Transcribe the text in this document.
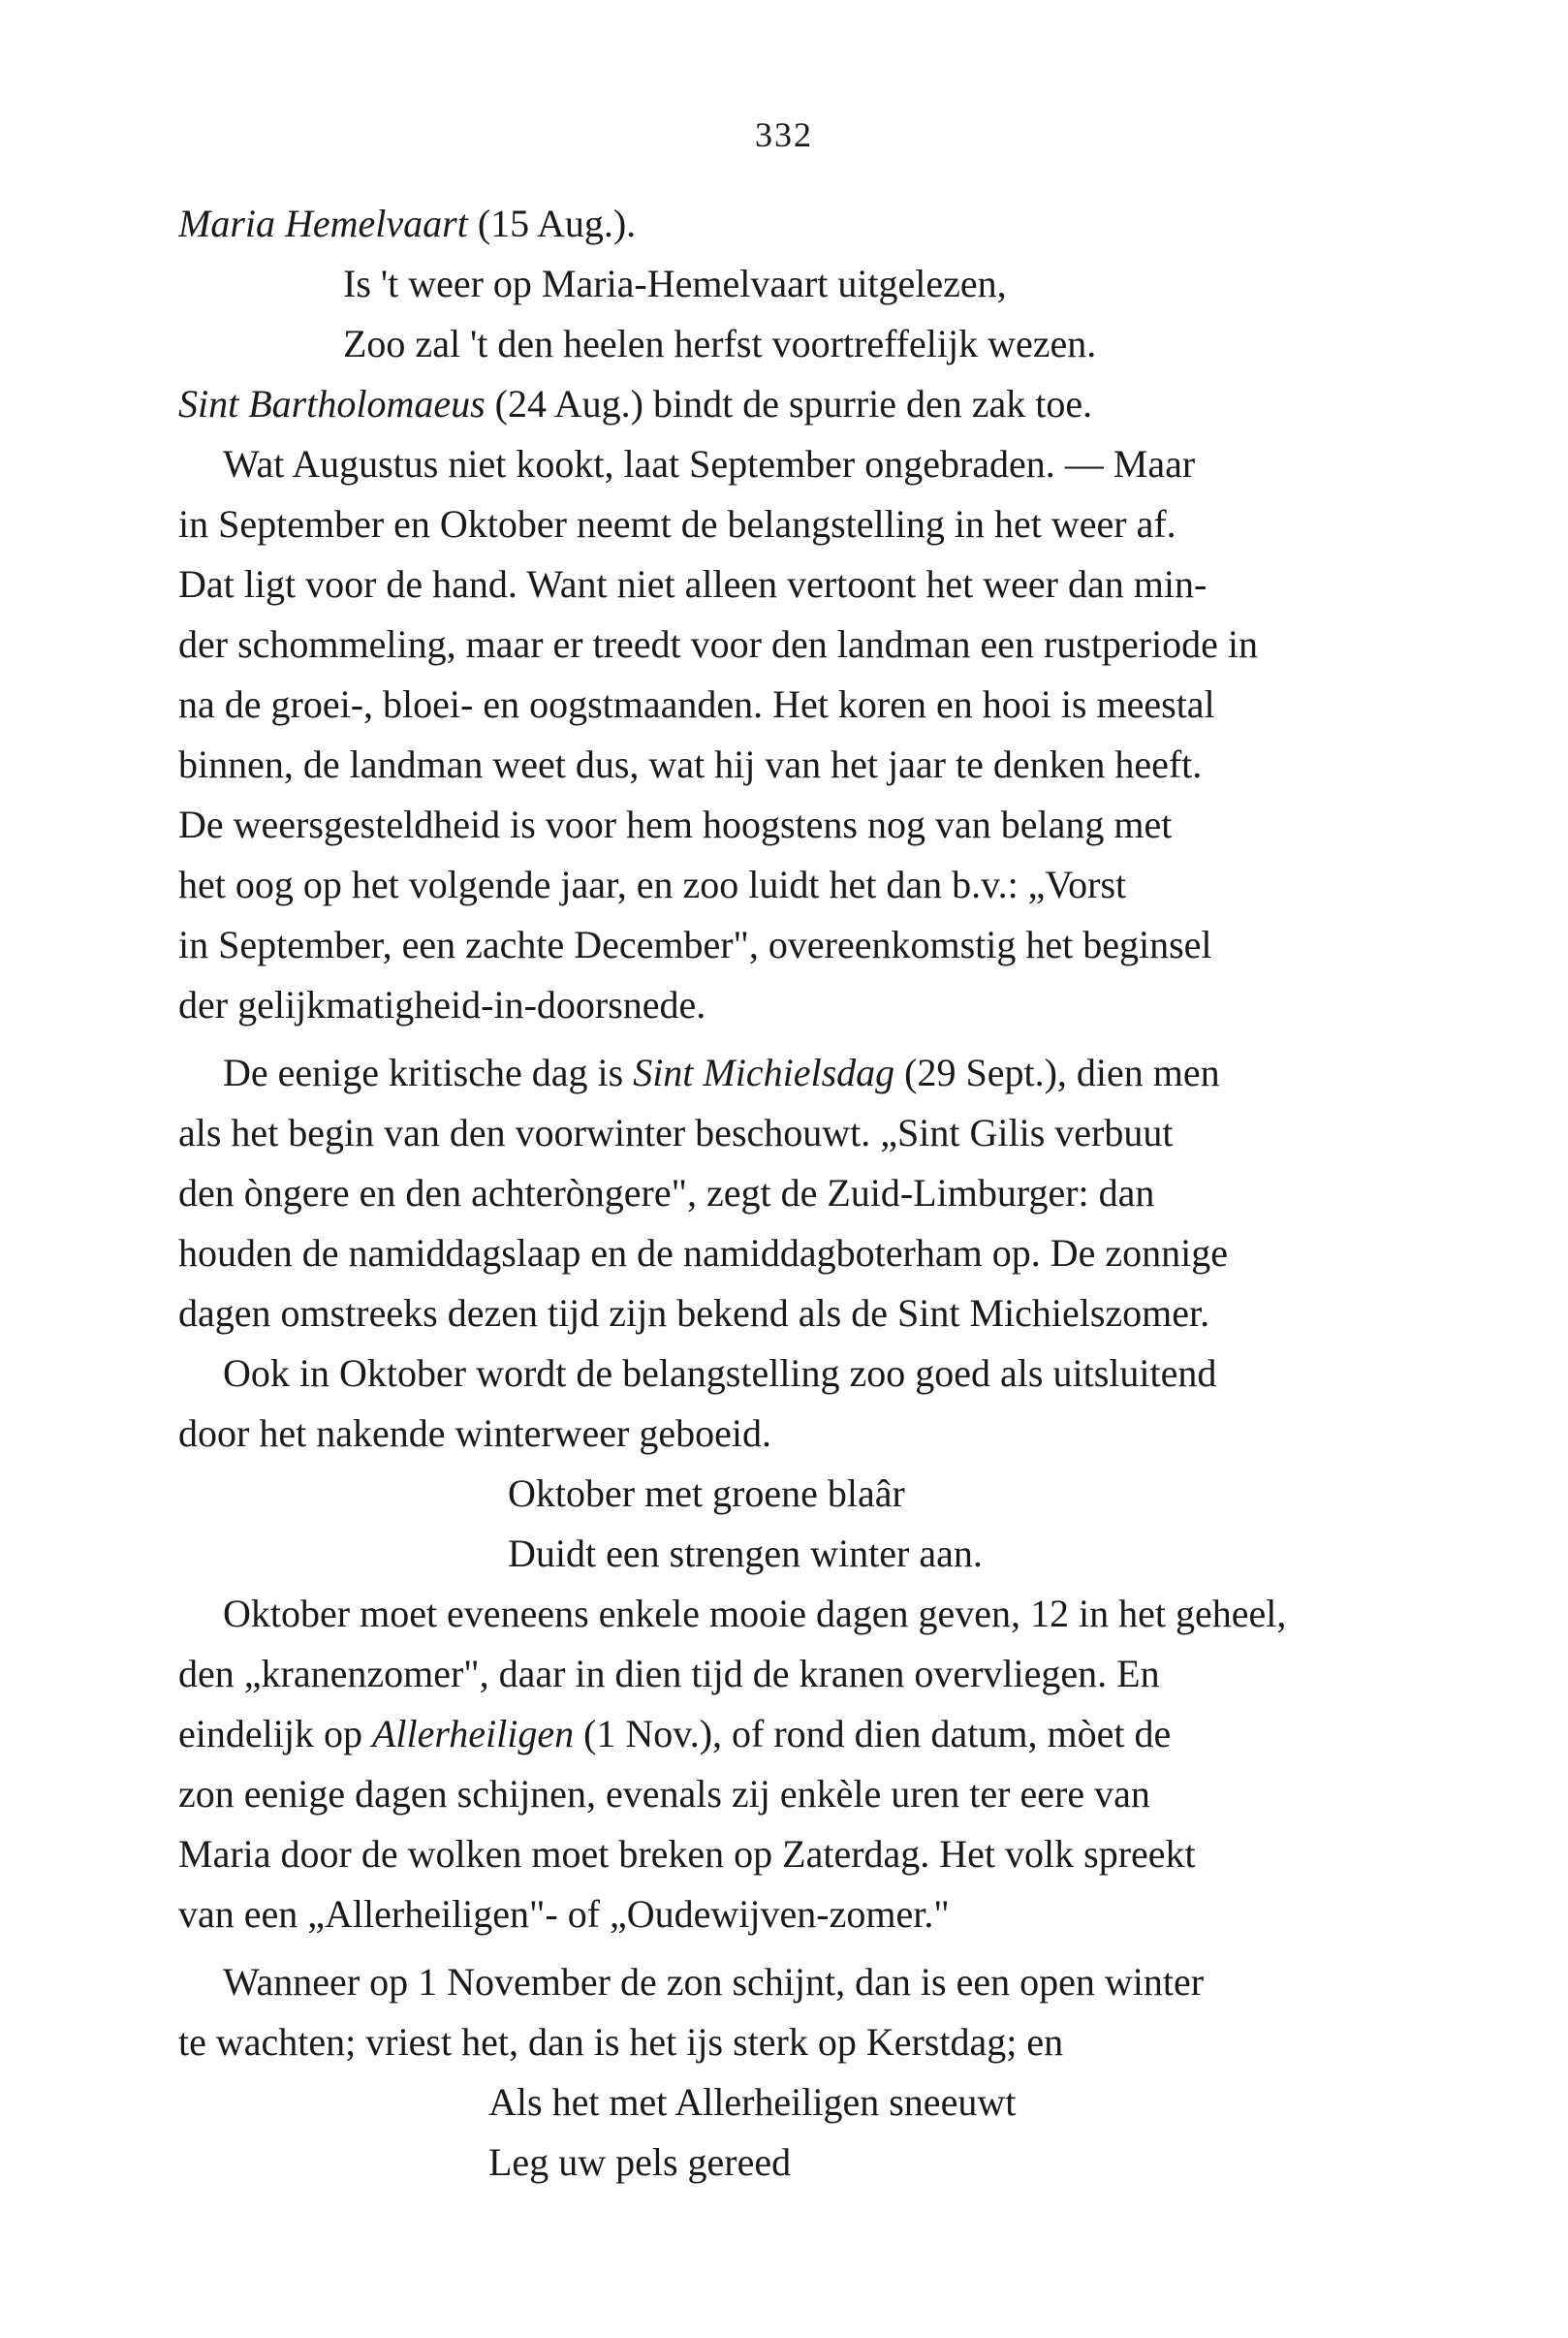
332
Maria Hemelvaart (15 Aug.).
Is 't weer op Maria-Hemelvaart uitgelezen,
Zoo zal 't den heelen herfst voortreffelijk wezen.
Sint Bartholomaeus (24 Aug.) bindt de spurrie den zak toe.
Wat Augustus niet kookt, laat September ongebraden. — Maar
in September en Oktober neemt de belangstelling in het weer af.
Dat ligt voor de hand. Want niet alleen vertoont het weer dan min-
der schommeling, maar er treedt voor den landman een rustperiode in
na de groei-, bloei- en oogstmaanden. Het koren en hooi is meestal
binnen, de landman weet dus, wat hij van het jaar te denken heeft.
De weersgesteldheid is voor hem hoogstens nog van belang met
het oog op het volgende jaar, en zoo luidt het dan b.v.: „Vorst
in September, een zachte December", overeenkomstig het beginsel
der gelijkmatigheid-in-doorsnede.
De eenige kritische dag is Sint Michielsdag (29 Sept.), dien men
als het begin van den voorwinter beschouwt. „Sint Gilis verbuut
den òngere en den achteròngere", zegt de Zuid-Limburger: dan
houden de namiddagslaap en de namiddagboterham op. De zonnige
dagen omstreeks dezen tijd zijn bekend als de Sint Michielszomer.
Ook in Oktober wordt de belangstelling zoo goed als uitsluitend
door het nakende winterweer geboeid.
Oktober met groene blaâr
Duidt een strengen winter aan.
Oktober moet eveneens enkele mooie dagen geven, 12 in het geheel,
den „kranenzomer", daar in dien tijd de kranen overvliegen. En
eindelijk op Allerheiligen (1 Nov.), of rond dien datum, mòet de
zon eenige dagen schijnen, evenals zij enkèle uren ter eere van
Maria door de wolken moet breken op Zaterdag. Het volk spreekt
van een „Allerheiligen"- of „Oudewijven-zomer."
Wanneer op 1 November de zon schijnt, dan is een open winter
te wachten; vriest het, dan is het ijs sterk op Kerstdag; en
Als het met Allerheiligen sneeuwt
Leg uw pels gereed
